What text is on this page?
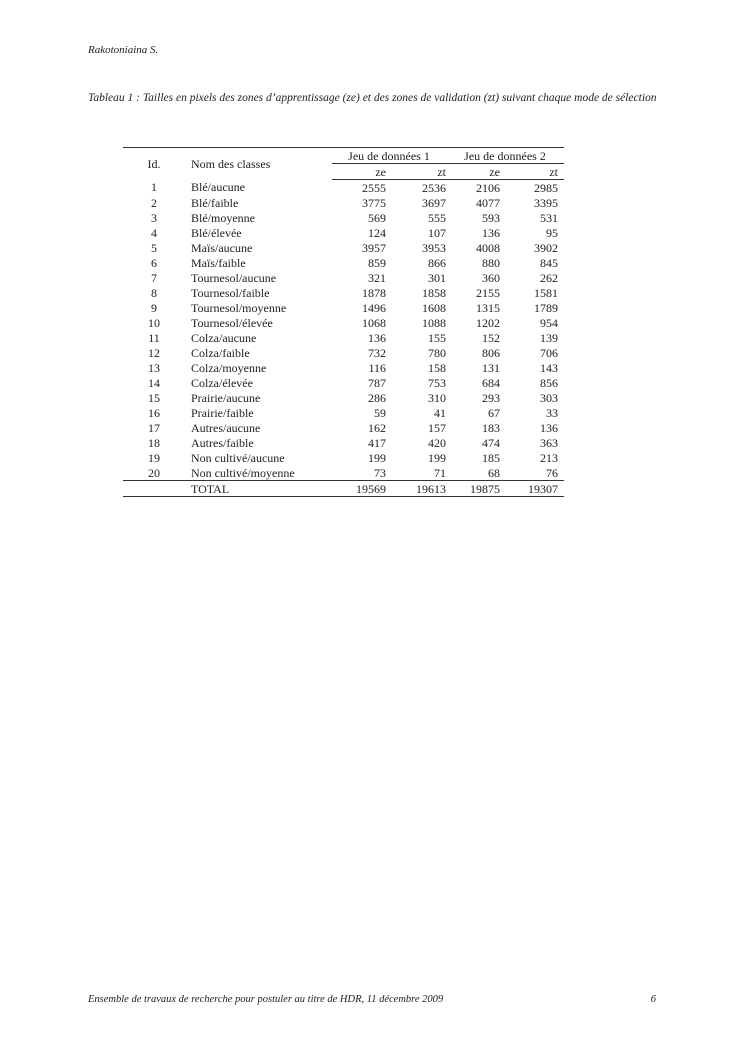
Rakotoniaina S.
Tableau 1 : Tailles en pixels des zones d’apprentissage (ze) et des zones de validation (zt) suivant chaque mode de sélection
Id.	Nom des classes	Jeu de données 1		Jeu de données 2	
		ze	zt	ze	zt
1	Blé/aucune	2555	2536	2106	2985
2	Blé/faible	3775	3697	4077	3395
3	Blé/moyenne	569	555	593	531
4	Blé/élevée	124	107	136	95
5	Maïs/aucune	3957	3953	4008	3902
6	Maïs/faible	859	866	880	845
7	Tournesol/aucune	321	301	360	262
8	Tournesol/faible	1878	1858	2155	1581
9	Tournesol/moyenne	1496	1608	1315	1789
10	Tournesol/élevée	1068	1088	1202	954
11	Colza/aucune	136	155	152	139
12	Colza/faible	732	780	806	706
13	Colza/moyenne	116	158	131	143
14	Colza/élevée	787	753	684	856
15	Prairie/aucune	286	310	293	303
16	Prairie/faible	59	41	67	33
17	Autres/aucune	162	157	183	136
18	Autres/faible	417	420	474	363
19	Non cultivé/aucune	199	199	185	213
20	Non cultivé/moyenne	73	71	68	76
	TOTAL	19569	19613	19875	19307
Ensemble de travaux de recherche pour postuler au titre de HDR, 11 décembre 2009	6
